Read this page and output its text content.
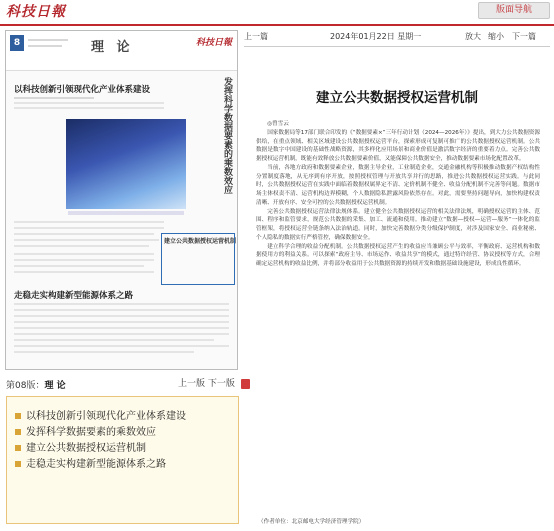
科技日報	版面导航
8	理 论	科技日報
以科技创新引领现代化产业体系建设	发挥科学数据要素的乘数效应
建立公共数据授权运营机制
走稳走实构建新型能源体系之路
第08版：理 论	上一版 下一版
以科技创新引领现代化产业体系建设
发挥科学数据要素的乘数效应
建立公共数据授权运营机制
走稳走实构建新型能源体系之路
上一篇	2024年01月22日 星期一	放大 缩小 下一篇
建立公共数据授权运营机制

◎曾雪云

国家数据局等17部门联合印发的《“数据要素×”三年行动计划（2024—2026年）》提出，到大力公共数据资源供给，在重点领域、相关区域建设公共数据授权运营平台，探索形成可复制可推广的公共数据授权运营机制。公共数据是数字中国建设的基础性战略资源，其多样化应用场景和商业价值是激活数字经济的重要着力点。完善公共数据授权运营机制，既能有效释放公共数据要素价值，又能保障公共数据安全，推动数据要素市场化配置改革。

当前，各地方政府和数据要素企业，数据主导企业，工业制造企业，交通金融机构等积极推动数据产权结构性分置制度落地，从无序到有序开放，按照授权管理与开放共享并行的思路，推进公共数据授权运营实践。与此同时，公共数据授权运营在实践中面临着数据权属界定不清、定价机制不健全、收益分配机制不完善等问题。数据市场主体权责不清、运营机构边界模糊，个人数据隐私泄露风险依然存在。对此，需要坚持问题导向，加快构建权责清晰、开放有序、安全可控的公共数据授权运营机制。

完善公共数据授权运营法律法规体系。建立健全公共数据授权运营的相关法律法规，明确授权运营的主体、范围、程序和监管要求，规范公共数据的采集、加工、流通和使用。推动建立“数据—授权—运营—服务”一体化的监管框架，将授权运营全链条纳入法治轨道。同时，加快完善数据分类分级保护制度，对涉及国家安全、商业秘密、个人隐私的数据实行严格管控，确保数据安全。

建立科学合理的收益分配机制。公共数据授权运营产生的收益应当兼顾公平与效率，平衡政府、运营机构和数据使用方的利益关系。可以探索“政府主导、市场运作、收益共享”的模式，通过特许经营、协议授权等方式，合理确定运营机构的收益比例，并将部分收益用于公共数据资源的持续开发和数据基础设施建设，形成良性循环。

（作者单位：北京邮电大学经济管理学院）
